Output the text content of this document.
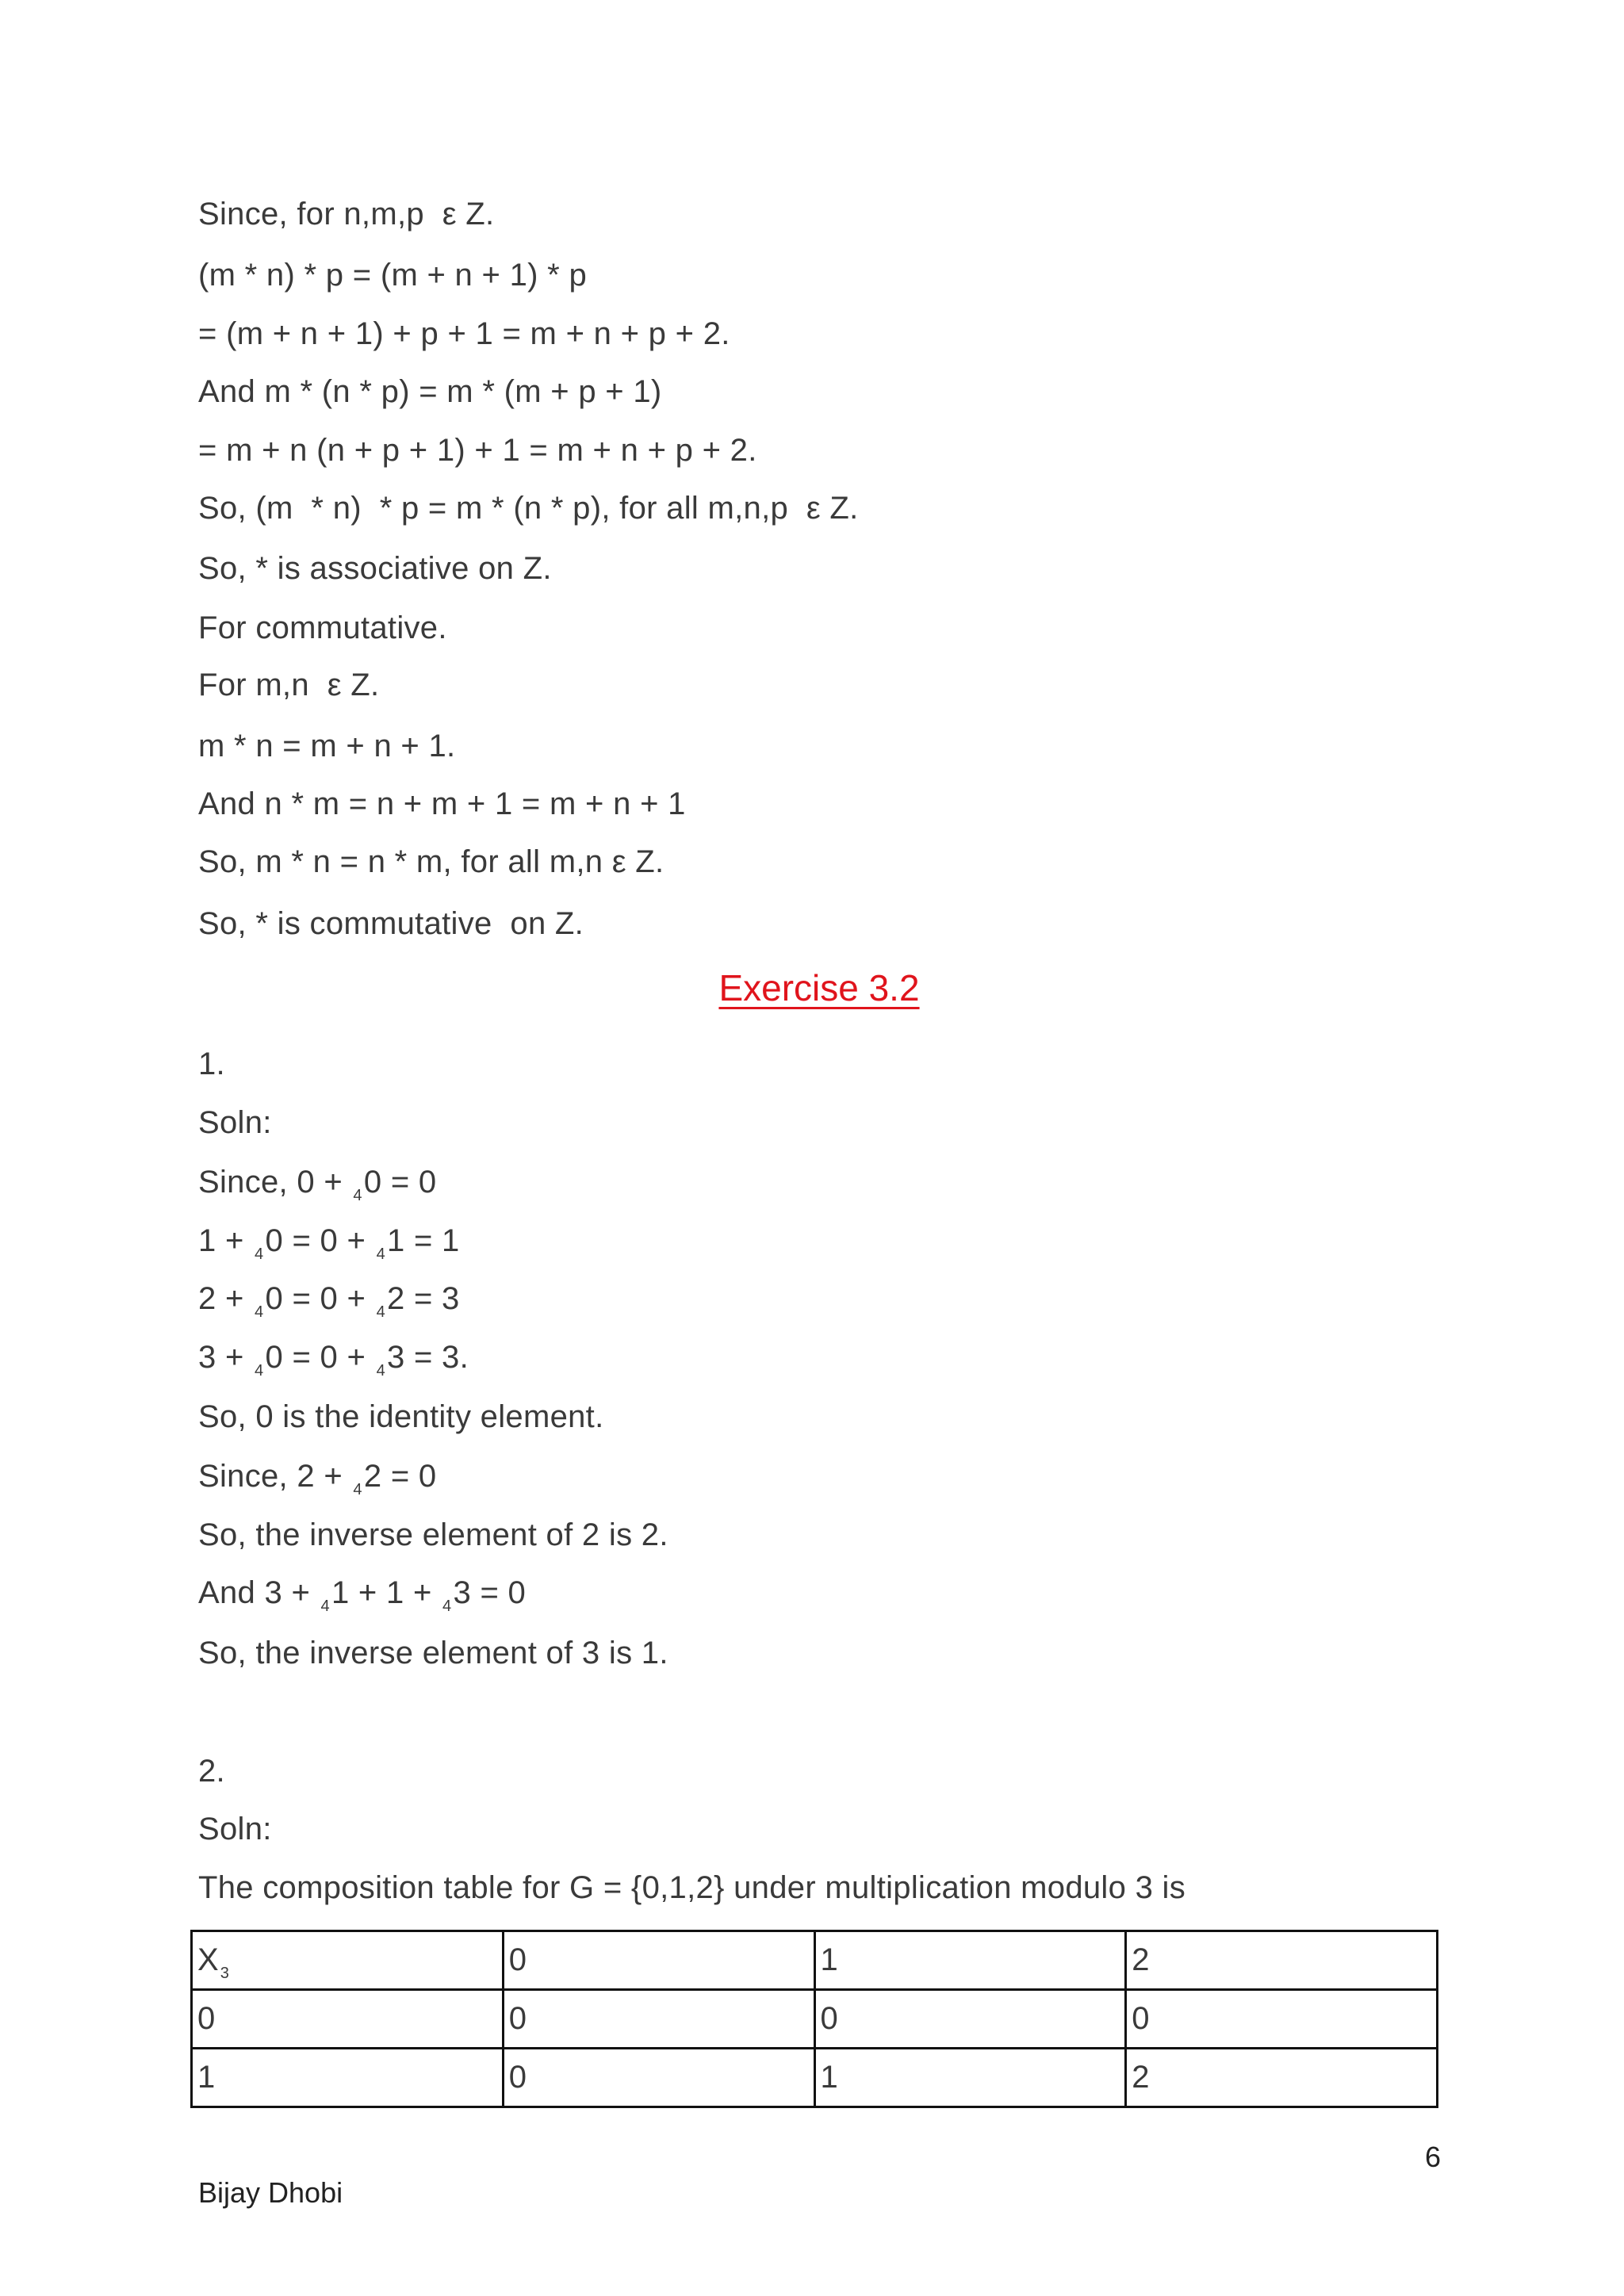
Since, for n,m,p  ε Z.
(m * n) * p = (m + n + 1) * p
= (m + n + 1) + p + 1 = m + n + p + 2.
And m * (n * p) = m * (m + p + 1)
= m + n (n + p + 1) + 1 = m + n + p + 2.
So, (m  * n)  * p = m * (n * p), for all m,n,p  ε Z.
So, * is associative on Z.
For commutative.
For m,n  ε Z.
m * n = m + n + 1.
And n * m = n + m + 1 = m + n + 1
So, m * n = n * m, for all m,n ε Z.
So, * is commutative  on Z.
Exercise 3.2
1.
Soln:
Since, 0 + $_4$0 = 0
1 + $_4$0 = 0 + $_4$1 = 1
2 + $_4$0 = 0 + $_4$2 = 3
3 + $_4$0 = 0 + $_4$3 = 3.
So, 0 is the identity element.
Since, 2 + $_4$2 = 0
So, the inverse element of 2 is 2.
And 3 + $_4$1 + 1 + $_4$3 = 0
So, the inverse element of 3 is 1.
2.
Soln:
The composition table for G = {0,1,2} under multiplication modulo 3 is
X $_3$	0	1	2
0	0	0	0
1	0	1	2
6
Bijay Dhobi
